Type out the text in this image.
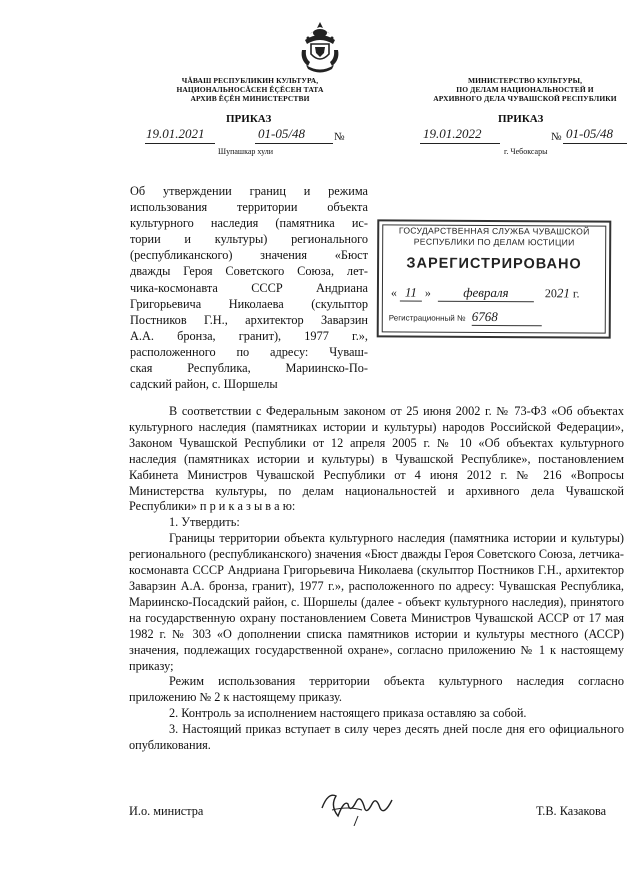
ЧĂВАШ РЕСПУБЛИКИН КУЛЬТУРА,
НАЦИОНАЛЬНОСĂСЕН ĔÇĔСЕН ТАТА
АРХИВ ĔÇĔН МИНИСТЕРСТВИ
ПРИКАЗ
19.01.2021	01-05/48	№
Шупашкар хули
МИНИСТЕРСТВО КУЛЬТУРЫ,
ПО ДЕЛАМ НАЦИОНАЛЬНОСТЕЙ И
АРХИВНОГО ДЕЛА ЧУВАШСКОЙ РЕСПУБЛИКИ
ПРИКАЗ
19.01.2022	№ 01-05/48
г. Чебоксары
Об утверждении границ и режима
использования территории объекта
культурного наследия (памятника ис-
тории и культуры) регионального
(республиканского) значения «Бюст
дважды Героя Советского Союза, лет-
чика-космонавта СССР Андриана
Григорьевича Николаева (скульптор
Постников Г.Н., архитектор Заварзин
А.А. бронза, гранит), 1977 г.»,
расположенного по адресу: Чуваш-
ская Республика, Мариинско-По-
садский район, с. Шоршелы
ГОСУДАРСТВЕННАЯ СЛУЖБА ЧУВАШСКОЙ
РЕСПУБЛИКИ ПО ДЕЛАМ ЮСТИЦИИ
ЗАРЕГИСТРИРОВАНО
« 11 » февраля	2021 г.
Регистрационный № 6768

В соответствии с Федеральным законом от 25 июня 2002 г. № 73-ФЗ «Об объектах культурного наследия (памятниках истории и культуры) народов Российской Федерации», Законом Чувашской Республики от 12 апреля 2005 г. № 10 «Об объектах культурного наследия (памятниках истории и культуры) в Чувашской Республике», постановлением Кабинета Министров Чувашской Республики от 4 июня 2012 г. № 216 «Вопросы Министерства культуры, по делам национальностей и архивного дела Чувашской Республики» п р и к а з ы в а ю:

1. Утвердить:

Границы территории объекта культурного наследия (памятника истории и культуры) регионального (республиканского) значения «Бюст дважды Героя Советского Союза, летчика-космонавта СССР Андриана Григорьевича Николаева (скульптор Постников Г.Н., архитектор Заварзин А.А. бронза, гранит), 1977 г.», расположенного по адресу: Чувашская Республика, Мариинско-Посадский район, с. Шоршелы (далее - объект культурного наследия), принятого на государственную охрану постановлением Совета Министров Чувашской АССР от 17 мая 1982 г. № 303 «О дополнении списка памятников истории и культуры местного (АССР) значения, подлежащих государственной охране», согласно приложению № 1 к настоящему приказу;

Режим использования территории объекта культурного наследия согласно приложению № 2 к настоящему приказу.

2. Контроль за исполнением настоящего приказа оставляю за собой.

3. Настоящий приказ вступает в силу через десять дней после дня его официального опубликования.

И.о. министра	Т.В. Казакова
